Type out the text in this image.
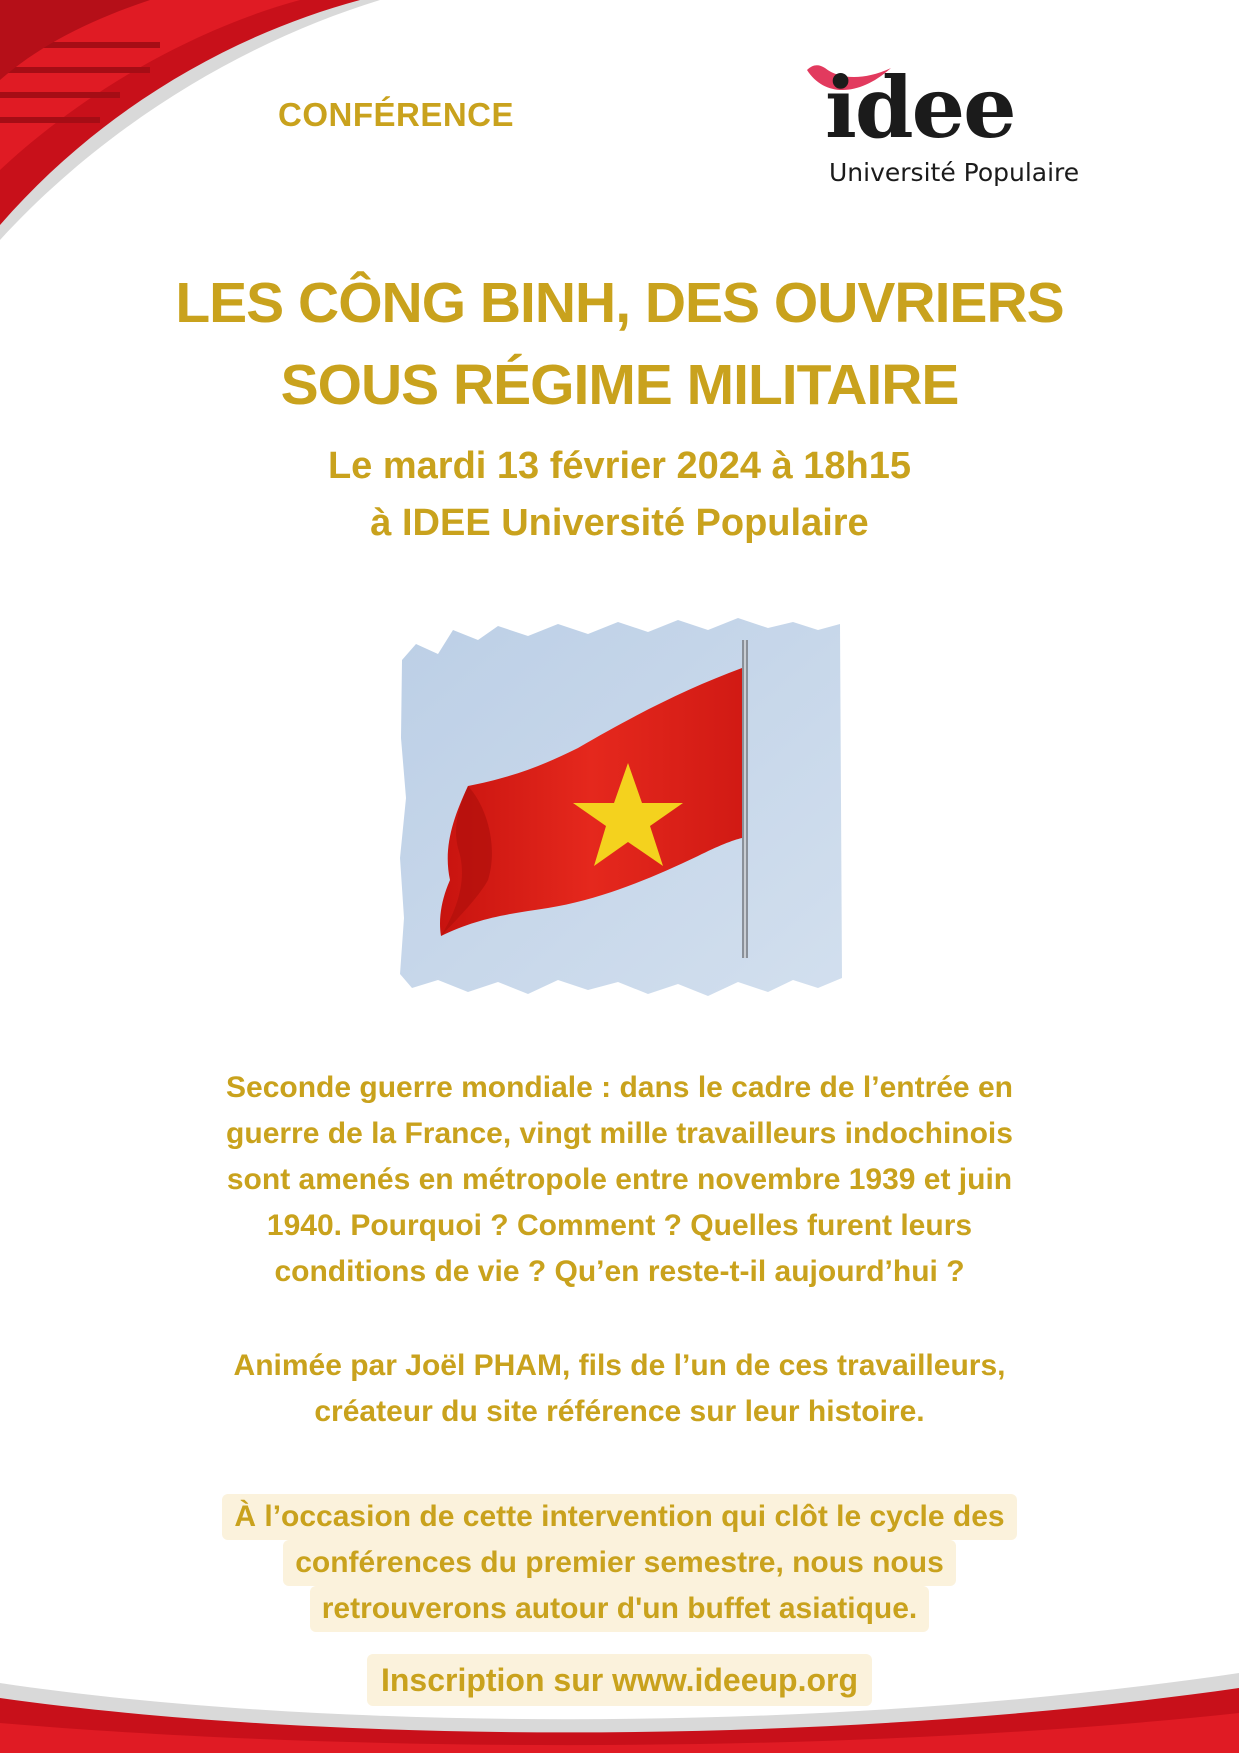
CONFÉRENCE	idee
Université Populaire
LES CÔNG BINH, DES OUVRIERS
SOUS RÉGIME MILITAIRE
Le mardi 13 février 2024 à 18h15
à IDEE Université Populaire
Seconde guerre mondiale : dans le cadre de l’entrée en
guerre de la France, vingt mille travailleurs indochinois
sont amenés en métropole entre novembre 1939 et juin
1940. Pourquoi ? Comment ? Quelles furent leurs
conditions de vie ? Qu’en reste-t-il aujourd’hui ?
Animée par Joël PHAM, fils de l’un de ces travailleurs,
créateur du site référence sur leur histoire.
À l’occasion de cette intervention qui clôt le cycle des
conférences du premier semestre, nous nous
retrouverons autour d'un buffet asiatique.
Inscription sur www.ideeup.org
